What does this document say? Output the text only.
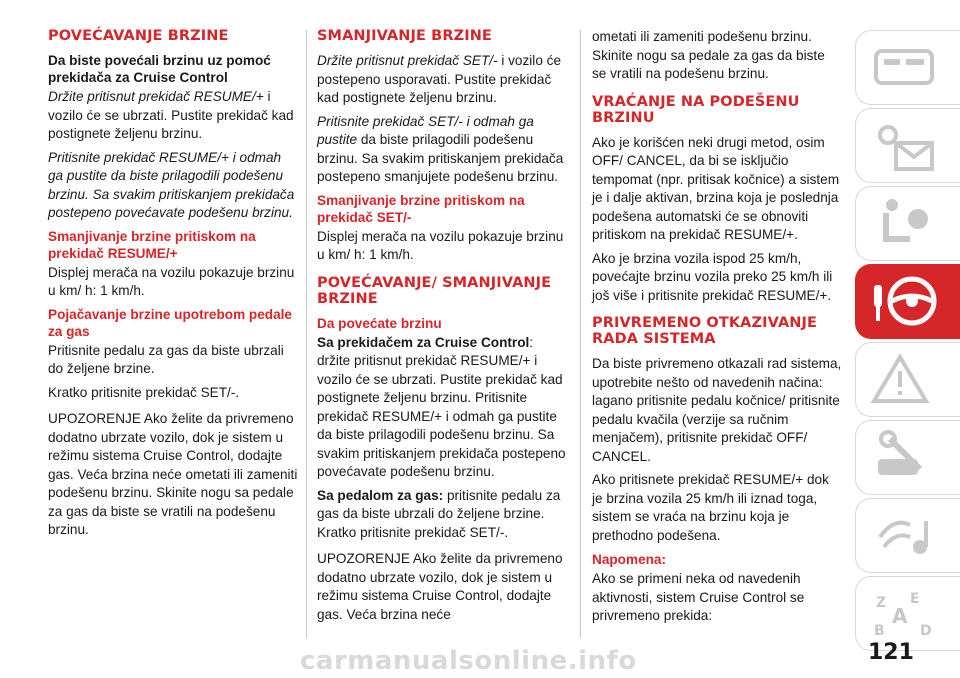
POVEĆAVANJE BRZINE
Da biste povećali brzinu uz pomoć prekidača za Cruise Control

Držite pritisnut prekidač RESUME/+ i vozilo će se ubrzati. Pustite prekidač kad postignete željenu brzinu.

Pritisnite prekidač RESUME/+ i odmah ga pustite da biste prilagodili podešenu brzinu. Sa svakim pritiskanjem prekidača postepeno povećavate podešenu brzinu.

Smanjivanje brzine pritiskom na prekidač RESUME/+

Displej merača na vozilu pokazuje brzinu u km/ h: 1 km/h.

Pojačavanje brzine upotrebom pedale za gas

Pritisnite pedalu za gas da biste ubrzali do željene brzine.

Kratko pritisnite prekidač SET/-.

UPOZORENJE Ako želite da privremeno dodatno ubrzate vozilo, dok je sistem u režimu sistema Cruise Control, dodajte gas. Veća brzina neće ometati ili zameniti podešenu brzinu. Skinite nogu sa pedale za gas da biste se vratili na podešenu brzinu.

SMANJIVANJE BRZINE

Držite pritisnut prekidač SET/- i vozilo će postepeno usporavati. Pustite prekidač kad postignete željenu brzinu.

Pritisnite prekidač SET/- i odmah ga pustite da biste prilagodili podešenu brzinu. Sa svakim pritiskanjem prekidača postepeno smanjujete podešenu brzinu.

Smanjivanje brzine pritiskom na prekidač SET/-

Displej merača na vozilu pokazuje brzinu u km/ h: 1 km/h.

POVEĆAVANJE/ SMANJIVANJE BRZINE
Da povećate brzinu

Sa prekidačem za Cruise Control: držite pritisnut prekidač RESUME/+ i vozilo će se ubrzati. Pustite prekidač kad postignete željenu brzinu. Pritisnite prekidač RESUME/+ i odmah ga pustite da biste prilagodili podešenu brzinu. Sa svakim pritiskanjem prekidača postepeno povećavate podešenu brzinu.

Sa pedalom za gas: pritisnite pedalu za gas da biste ubrzali do željene brzine. Kratko pritisnite prekidač SET/-.

UPOZORENJE Ako želite da privremeno dodatno ubrzate vozilo, dok je sistem u režimu sistema Cruise Control, dodajte gas. Veća brzina neće

ometati ili zameniti podešenu brzinu. Skinite nogu sa pedale za gas da biste se vratili na podešenu brzinu.

VRAĆANJE NA PODEŠENU BRZINU

Ako je korišćen neki drugi metod, osim OFF/ CANCEL, da bi se isključio tempomat (npr. pritisak kočnice) a sistem je i dalje aktivan, brzina koja je poslednja podešena automatski će se obnoviti pritiskom na prekidač RESUME/+.

Ako je brzina vozila ispod 25 km/h, povećajte brzinu vozila preko 25 km/h ili još više i pritisnite prekidač RESUME/+.

PRIVREMENO OTKAZIVANJE RADA SISTEMA

Da biste privremeno otkazali rad sistema, upotrebite nešto od navedenih načina: lagano pritisnite pedalu kočnice/ pritisnite pedalu kvačila (verzije sa ručnim menjačem), pritisnite prekidač OFF/ CANCEL.

Ako pritisnete prekidač RESUME/+ dok je brzina vozila 25 km/h ili iznad toga, sistem se vraća na brzinu koja je prethodno podešena.

Napomena:

Ako se primeni neka od navedenih aktivnosti, sistem Cruise Control se privremeno prekida:

Z E
A
B	D
carmanualsonline.info	121
